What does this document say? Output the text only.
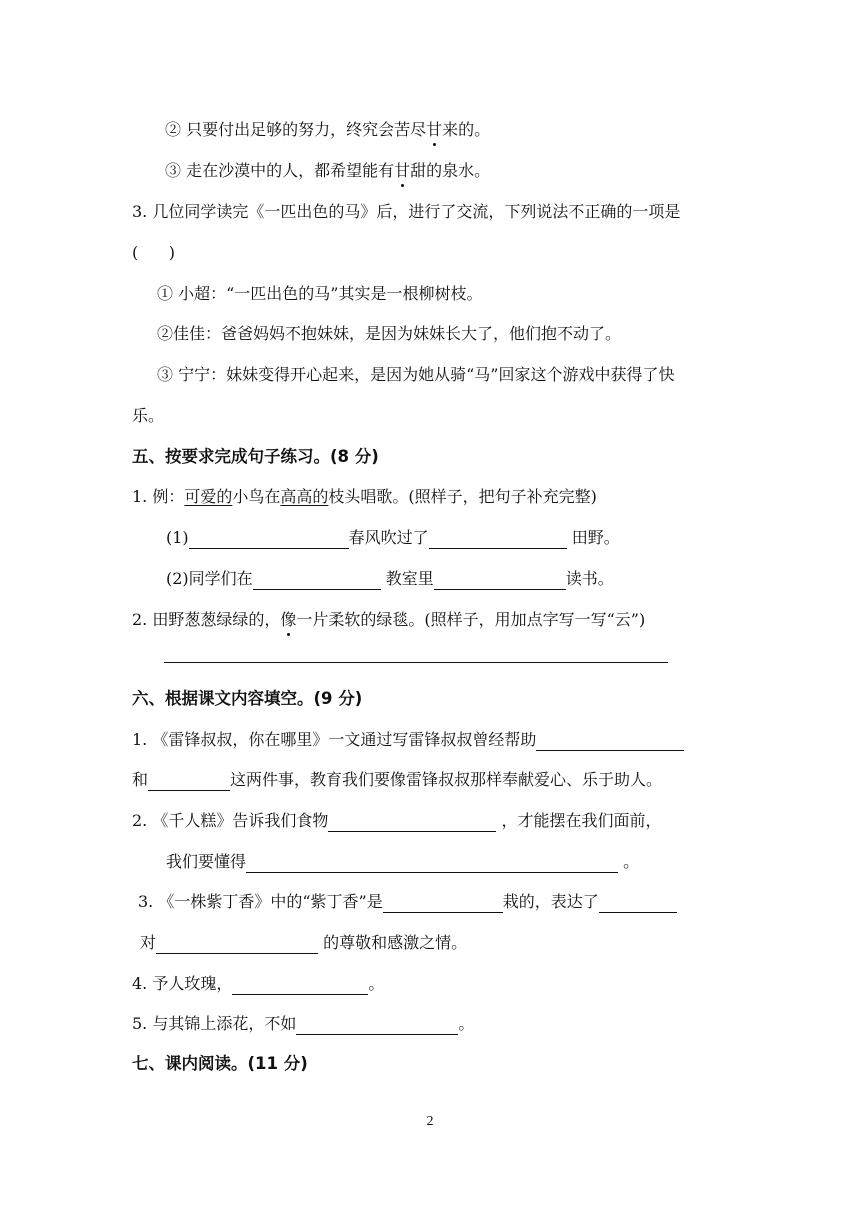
② 只要付出足够的努力，终究会苦尽甘来的。
③ 走在沙漠中的人，都希望能有甘甜的泉水。
3. 几位同学读完《一匹出色的马》后，进行了交流，下列说法不正确的一项是
(      )
① 小超：“一匹出色的马”其实是一根柳树枝。
②佳佳：爸爸妈妈不抱妹妹，是因为妹妹长大了，他们抱不动了。
③ 宁宁：妹妹变得开心起来，是因为她从骑“马”回家这个游戏中获得了快
乐。
五、按要求完成句子练习。(8 分)
1. 例：可爱的小鸟在高高的枝头唱歌。(照样子，把句子补充完整)
(1)	春风吹过了	田野。
(2)同学们在	教室里	读书。
2. 田野葱葱绿绿的，像一片柔软的绿毯。(照样子，用加点字写一写“云”)
六、根据课文内容填空。(9 分)
1. 《雷锋叔叔，你在哪里》一文通过写雷锋叔叔曾经帮助
和	这两件事，教育我们要像雷锋叔叔那样奉献爱心、乐于助人。
2. 《千人糕》告诉我们食物	，才能摆在我们面前，
我们要懂得	。
3. 《一株紫丁香》中的“紫丁香”是	栽的，表达了
对	的尊敬和感激之情。
4. 予人玫瑰，	。
5. 与其锦上添花，不如	。
七、课内阅读。(11 分)
2
